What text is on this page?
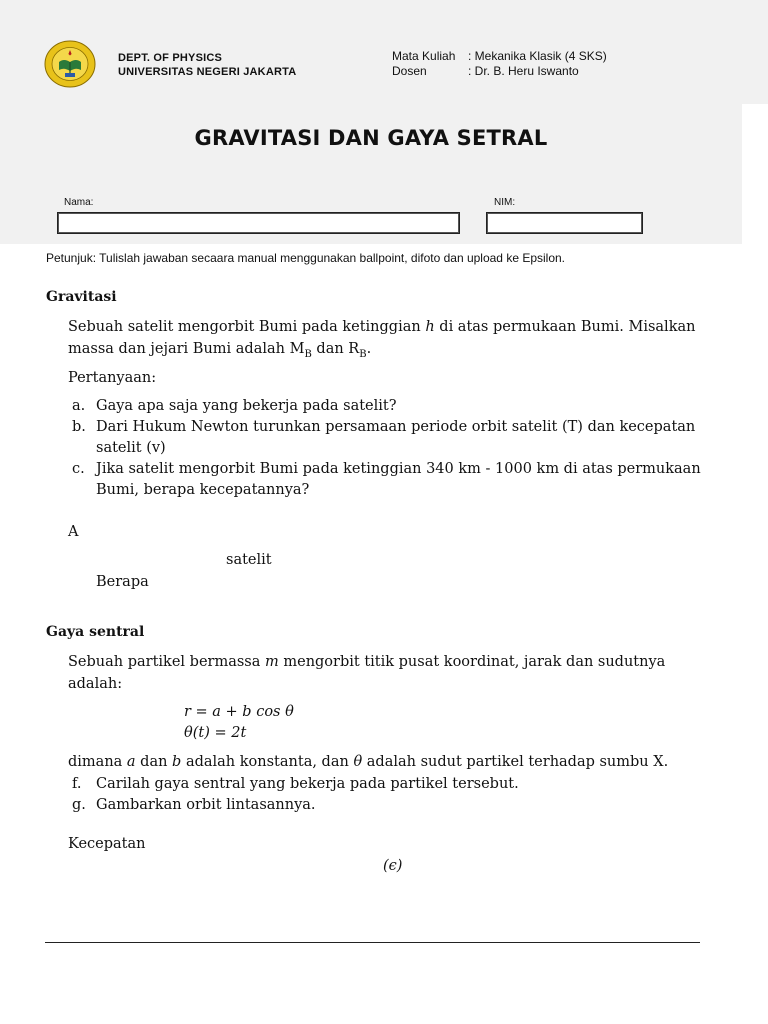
DEPT. OF PHYSICS
UNIVERSITAS NEGERI JAKARTA
Mata Kuliah	: Mekanika Klasik (4 SKS)
Dosen	: Dr. B. Heru Iswanto
GRAVITASI DAN GAYA SETRAL
Nama:	NIM:
Petunjuk: Tulislah jawaban secaara manual menggunakan ballpoint, difoto dan upload ke Epsilon.
Gravitasi
Sebuah satelit mengorbit Bumi pada ketinggian h di atas permukaan Bumi. Misalkan
massa dan jejari Bumi adalah $M_B$ dan $R_B$.
Pertanyaan:
a. Gaya apa saja yang bekerja pada satelit?
b. Dari Hukum Newton turunkan persamaan periode orbit satelit (T) dan kecepatan satelit (v)
c. Jika satelit mengorbit Bumi pada ketinggian 340 km - 1000 km di atas permukaan Bumi, berapa kecepatannya?
A
satelit
Berapa
Gaya sentral
Sebuah partikel bermassa m mengorbit titik pusat koordinat, jarak dan sudutnya
adalah:
r = a + b cos θ
θ(t) = 2t
dimana a dan b adalah konstanta, dan θ adalah sudut partikel terhadap sumbu X.
f.	Carilah gaya sentral yang bekerja pada partikel tersebut.
g. Gambarkan orbit lintasannya.
Kecepatan
(ϵ)
